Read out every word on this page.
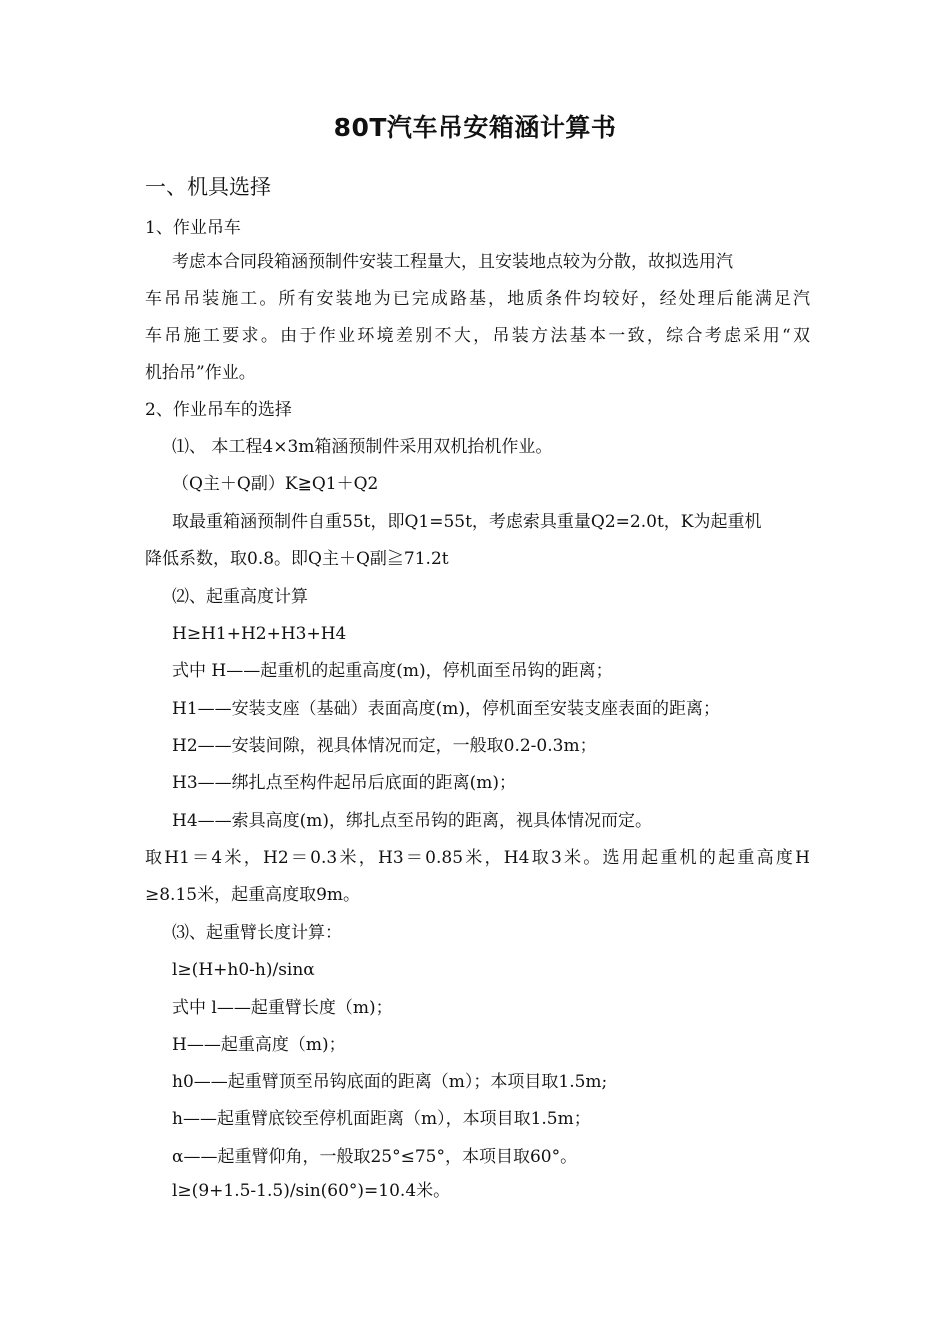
80T汽车吊安箱涵计算书
一、机具选择
1、作业吊车
考虑本合同段箱涵预制件安装工程量大，且安装地点较为分散，故拟选用汽
车吊吊装施工。所有安装地为已完成路基，地质条件均较好，经处理后能满足汽
车吊施工要求。由于作业环境差别不大，吊装方法基本一致，综合考虑采用“双
机抬吊”作业。
2、作业吊车的选择
⑴、 本工程4×3m箱涵预制件采用双机抬机作业。
（Q主＋Q副）K≧Q1＋Q2
取最重箱涵预制件自重55t，即Q1=55t，考虑索具重量Q2=2.0t，K为起重机
降低系数，取0.8。即Q主＋Q副≧71.2t
⑵、起重高度计算
H≥H1+H2+H3+H4
式中 H——起重机的起重高度(m)，停机面至吊钩的距离；
H1——安装支座（基础）表面高度(m)，停机面至安装支座表面的距离；
H2——安装间隙，视具体情况而定，一般取0.2-0.3m；
H3——绑扎点至构件起吊后底面的距离(m)；
H4——索具高度(m)，绑扎点至吊钩的距离，视具体情况而定。
取H1＝4米，H2＝0.3米，H3＝0.85米，H4取3米。选用起重机的起重高度H
≥8.15米，起重高度取9m。
⑶、起重臂长度计算：
l≥(H+h0-h)/sinα
式中 l——起重臂长度（m)；
H——起重高度（m)；
h0——起重臂顶至吊钩底面的距离（m）；本项目取1.5m;
h——起重臂底铰至停机面距离（m），本项目取1.5m；
α——起重臂仰角，一般取25°≤75°，本项目取60°。
l≥(9+1.5-1.5)/sin(60°)=10.4米。
